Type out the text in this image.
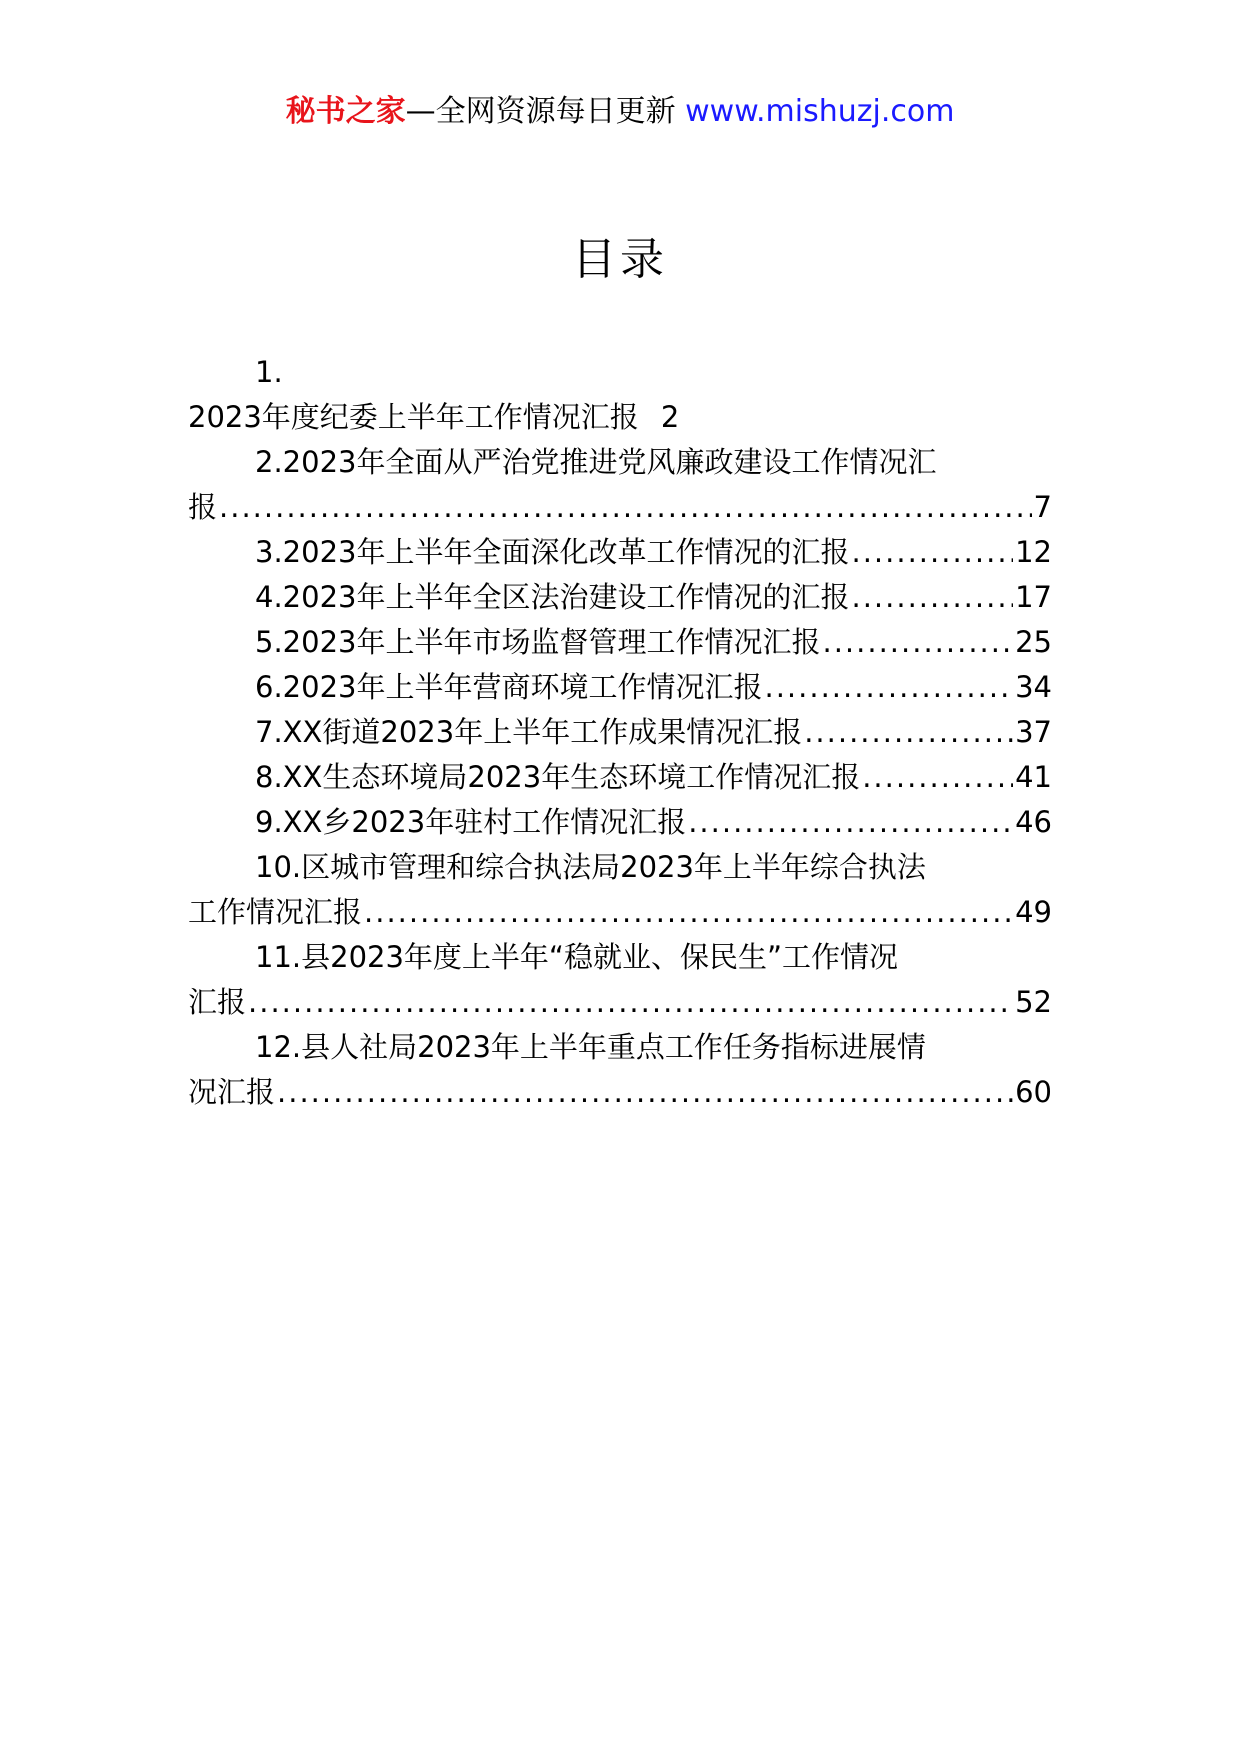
秘书之家—全网资源每日更新 www.mishuzj.com
目录
1.
2023年度纪委上半年工作情况汇报 2
2.2023年全面从严治党推进党风廉政建设工作情况汇
报 .....	7
3.2023年上半年全面深化改革工作情况的汇报 .....	12
4.2023年上半年全区法治建设工作情况的汇报 .....	17
5.2023年上半年市场监督管理工作情况汇报 .....	25
6.2023年上半年营商环境工作情况汇报 .....	34
7.XX街道2023年上半年工作成果情况汇报 .....	37
8.XX生态环境局2023年生态环境工作情况汇报 .....	41
9.XX乡2023年驻村工作情况汇报 .....	46
10.区城市管理和综合执法局2023年上半年综合执法
工作情况汇报 .....	49
11.县2023年度上半年“稳就业、保民生”工作情况
汇报 .....	52
12.县人社局2023年上半年重点工作任务指标进展情
况汇报 .....	60
